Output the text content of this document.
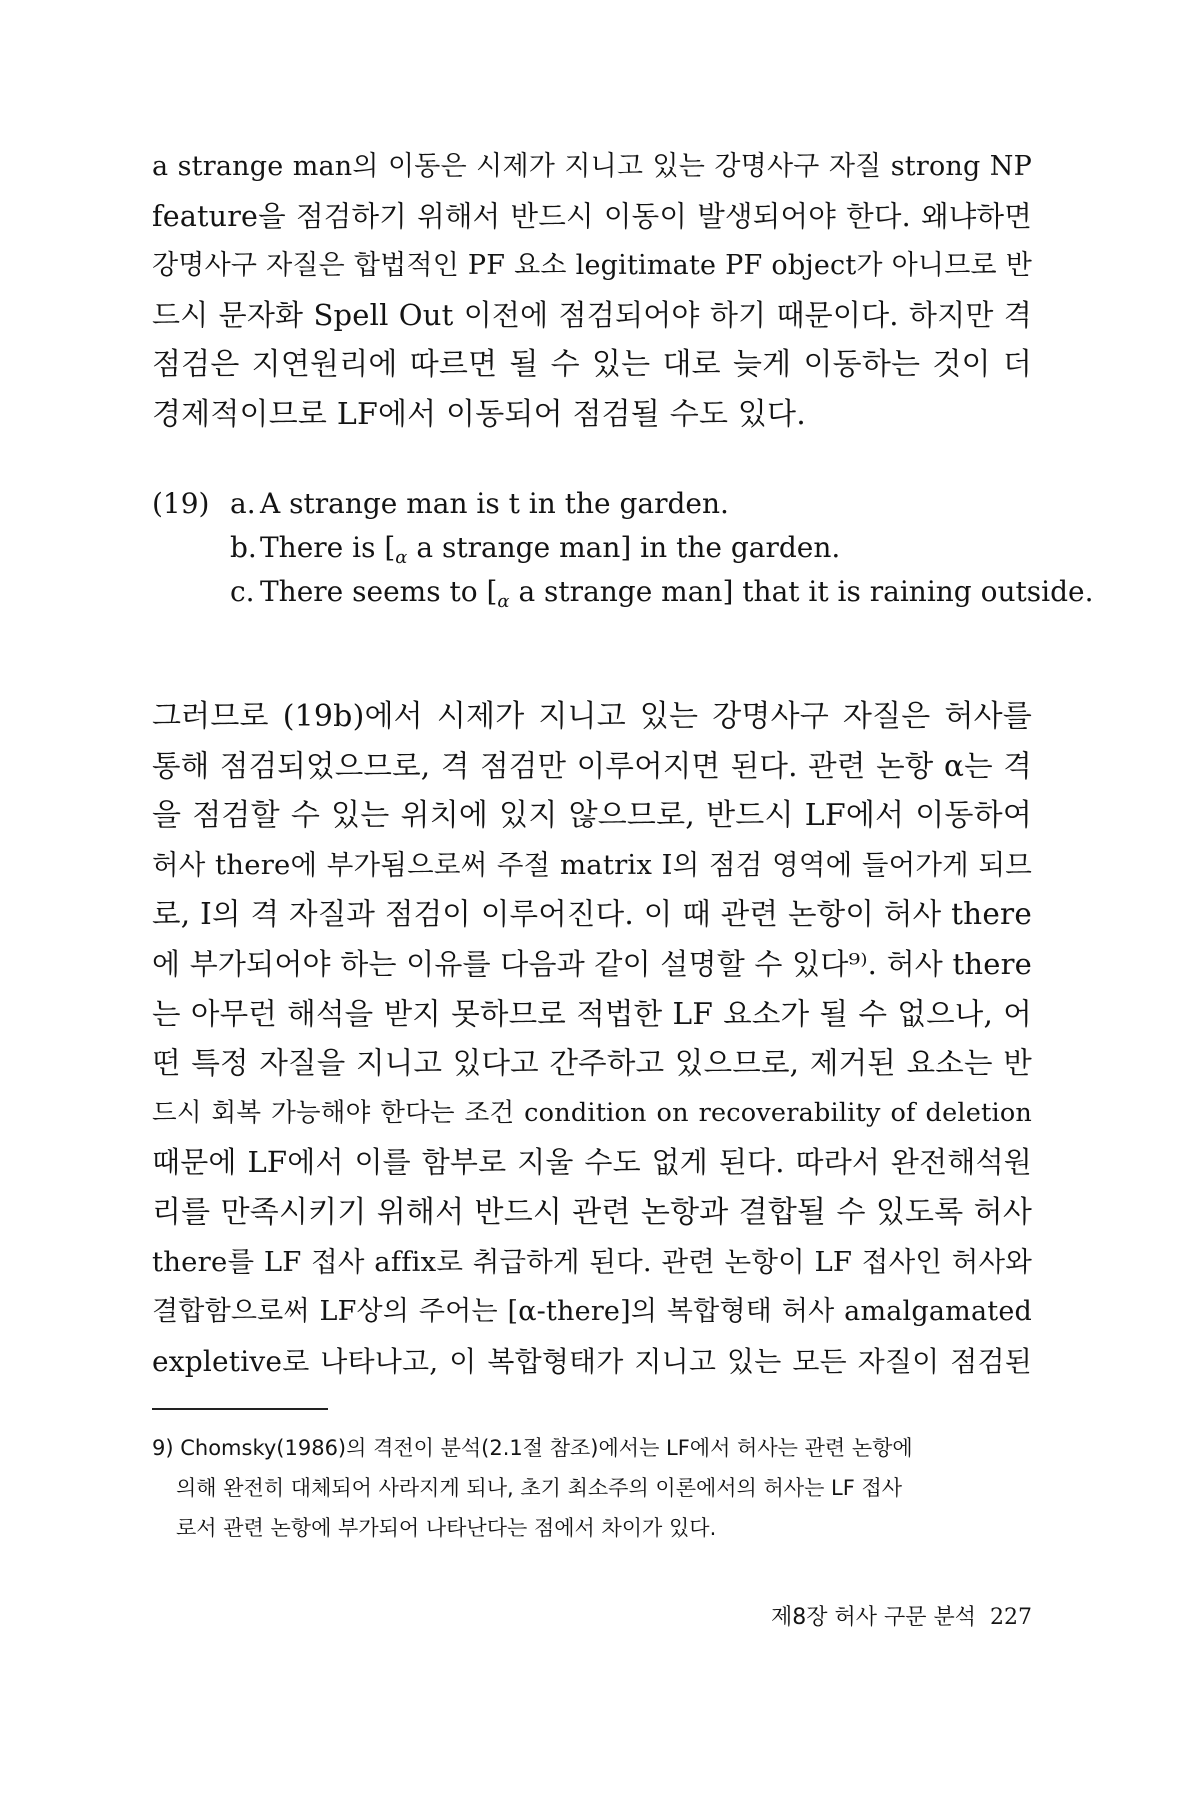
a strange man의 이동은 시제가 지니고 있는 강명사구 자질 strong NP
feature을 점검하기 위해서 반드시 이동이 발생되어야 한다. 왜냐하면
강명사구 자질은 합법적인 PF 요소 legitimate PF object가 아니므로 반
드시 문자화 Spell Out 이전에 점검되어야 하기 때문이다. 하지만 격
점검은 지연원리에 따르면 될 수 있는 대로 늦게 이동하는 것이 더
경제적이므로 LF에서 이동되어 점검될 수도 있다.

(19) a. A strange man is t in the garden.
b. There is [$_\alpha$ a strange man] in the garden.
c. There seems to [$_\alpha$ a strange man] that it is raining outside.

그러므로 (19b)에서 시제가 지니고 있는 강명사구 자질은 허사를
통해 점검되었으므로, 격 점검만 이루어지면 된다. 관련 논항 α는 격
을 점검할 수 있는 위치에 있지 않으므로, 반드시 LF에서 이동하여
허사 there에 부가됨으로써 주절 matrix I의 점검 영역에 들어가게 되므
로, I의 격 자질과 점검이 이루어진다. 이 때 관련 논항이 허사 there
에 부가되어야 하는 이유를 다음과 같이 설명할 수 있다⁹⁾. 허사 there
는 아무런 해석을 받지 못하므로 적법한 LF 요소가 될 수 없으나, 어
떤 특정 자질을 지니고 있다고 간주하고 있으므로, 제거된 요소는 반
드시 회복 가능해야 한다는 조건 condition on recoverability of deletion
때문에 LF에서 이를 함부로 지울 수도 없게 된다. 따라서 완전해석원
리를 만족시키기 위해서 반드시 관련 논항과 결합될 수 있도록 허사
there를 LF 접사 affix로 취급하게 된다. 관련 논항이 LF 접사인 허사와
결합함으로써 LF상의 주어는 [α-there]의 복합형태 허사 amalgamated
expletive로 나타나고, 이 복합형태가 지니고 있는 모든 자질이 점검된

9) Chomsky(1986)의 격전이 분석(2.1절 참조)에서는 LF에서 허사는 관련 논항에
의해 완전히 대체되어 사라지게 되나, 초기 최소주의 이론에서의 허사는 LF 접사
로서 관련 논항에 부가되어 나타난다는 점에서 차이가 있다.
제8장 허사 구문 분석 227
